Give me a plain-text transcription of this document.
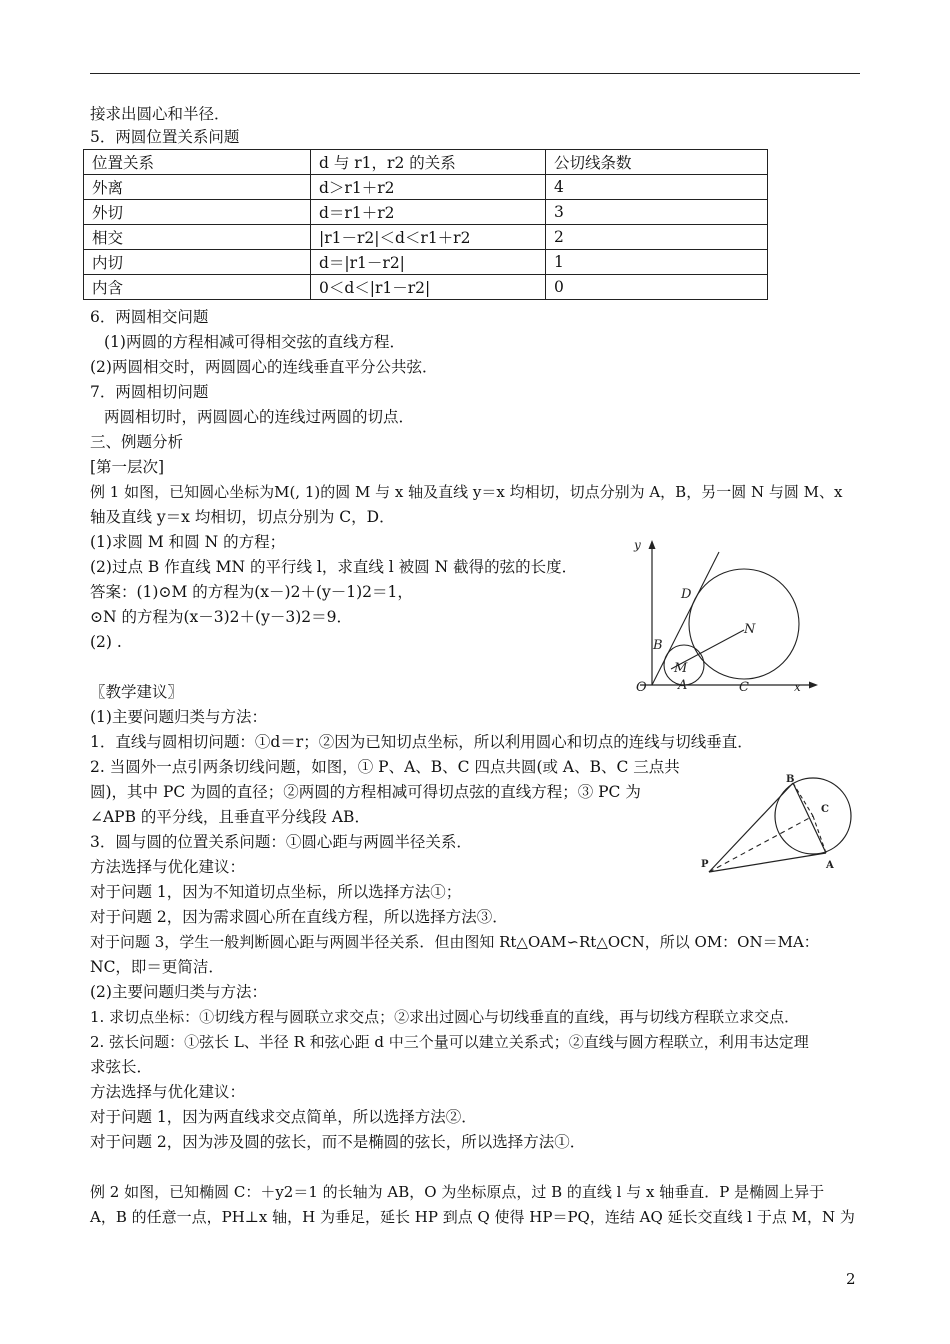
接求出圆心和半径．
5．两圆位置关系问题
位置关系	d 与 r1，r2 的关系	公切线条数
外离	d＞r1＋r2	4
外切	d＝r1＋r2	3
相交	|r1－r2|＜d＜r1＋r2	2
内切	d＝|r1－r2|	1
内含	0＜d＜|r1－r2|	0
6．两圆相交问题
(1)两圆的方程相减可得相交弦的直线方程．
(2)两圆相交时，两圆圆心的连线垂直平分公共弦．
7．两圆相切问题
两圆相切时，两圆圆心的连线过两圆的切点．
三、例题分析
[第一层次]
例 1 如图，已知圆心坐标为M(, 1)的圆 M 与 x 轴及直线 y＝x 均相切，切点分别为 A，B，另一圆 N 与圆 M、x
轴及直线 y＝x 均相切，切点分别为 C，D．
(1)求圆 M 和圆 N 的方程；
(2)过点 B 作直线 MN 的平行线 l，求直线 l 被圆 N 截得的弦的长度．
答案：(1)⊙M 的方程为(x－)2＋(y－1)2＝1，
⊙N 的方程为(x－3)2＋(y－3)2＝9．
(2) .
y
x
O A	C
B
D
M
N
〖教学建议〗
(1)主要问题归类与方法：
1．直线与圆相切问题：①d＝r；②因为已知切点坐标，所以利用圆心和切点的连线与切线垂直．
2. 当圆外一点引两条切线问题，如图，① P、A、B、C 四点共圆(或 A、B、C 三点共
圆)，其中 PC 为圆的直径；②两圆的方程相减可得切点弦的直线方程；③ PC 为
∠APB 的平分线，且垂直平分线段 AB．
3．圆与圆的位置关系问题：①圆心距与两圆半径关系．
B
C
P	A
方法选择与优化建议：
对于问题 1，因为不知道切点坐标，所以选择方法①；
对于问题 2，因为需求圆心所在直线方程，所以选择方法③．
对于问题 3，学生一般判断圆心距与两圆半径关系．但由图知 Rt△OAM∽Rt△OCN，所以 OM：ON＝MA：
NC，即＝更简洁．
(2)主要问题归类与方法：
1. 求切点坐标：①切线方程与圆联立求交点；②求出过圆心与切线垂直的直线，再与切线方程联立求交点．
2. 弦长问题：①弦长 L、半径 R 和弦心距 d 中三个量可以建立关系式；②直线与圆方程联立，利用韦达定理
求弦长．
方法选择与优化建议：
对于问题 1，因为两直线求交点简单，所以选择方法②．
对于问题 2，因为涉及圆的弦长，而不是椭圆的弦长，所以选择方法①．
例 2 如图，已知椭圆 C：＋y2＝1 的长轴为 AB，O 为坐标原点，过 B 的直线 l 与 x 轴垂直．P 是椭圆上异于
A，B 的任意一点，PH⊥x 轴，H 为垂足，延长 HP 到点 Q 使得 HP＝PQ，连结 AQ 延长交直线 l 于点 M，N 为
2
